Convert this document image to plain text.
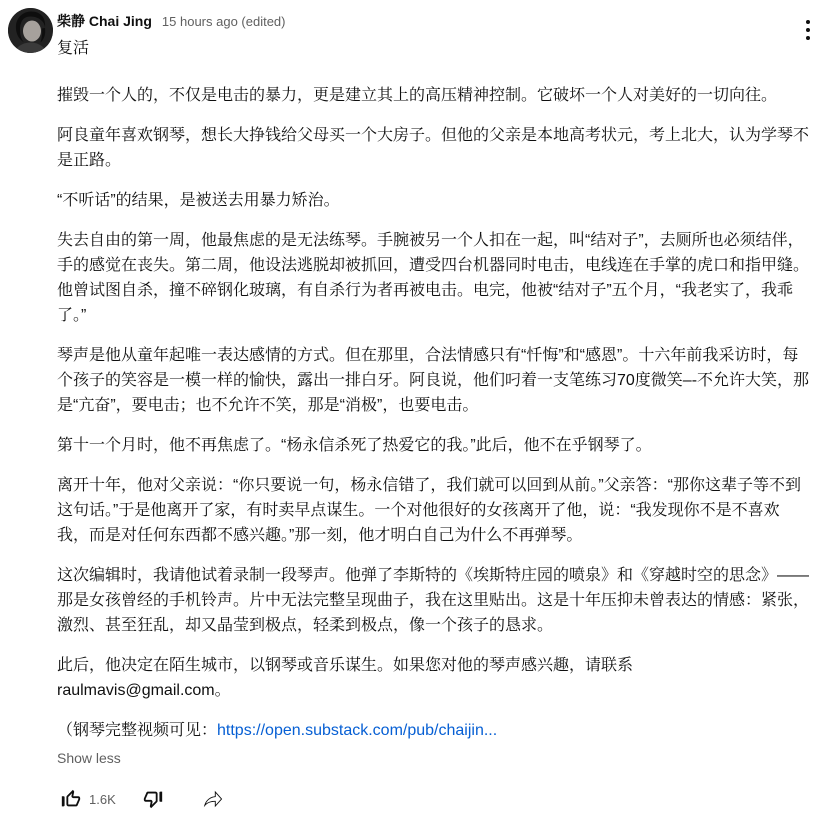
柴静 Chai Jing 15 hours ago (edited)

复活

摧毁一个人的，不仅是电击的暴力，更是建立其上的高压精神控制。它破坏一个人对美好的一切向往。

阿良童年喜欢钢琴，想长大挣钱给父母买一个大房子。但他的父亲是本地高考状元，考上北大，认为学琴不是正路。

“不听话”的结果，是被送去用暴力矫治。

失去自由的第一周，他最焦虑的是无法练琴。手腕被另一个人扣在一起，叫“结对子”，去厕所也必须结伴，手的感觉在丧失。第二周，他设法逃脱却被抓回，遭受四台机器同时电击，电线连在手掌的虎口和指甲缝。他曾试图自杀，撞不碎钢化玻璃，有自杀行为者再被电击。电完，他被“结对子”五个月，“我老实了，我乖了。”

琴声是他从童年起唯一表达感情的方式。但在那里，合法情感只有“忏悔”和“感恩”。十六年前我采访时，每个孩子的笑容是一模一样的愉快，露出一排白牙。阿良说，他们叼着一支笔练习70度微笑–-不允许大笑，那是“亢奋”，要电击；也不允许不笑，那是“消极”，也要电击。

第十一个月时，他不再焦虑了。“杨永信杀死了热爱它的我。”此后，他不在乎钢琴了。

离开十年，他对父亲说：“你只要说一句，杨永信错了，我们就可以回到从前。”父亲答：“那你这辈子等不到这句话。”于是他离开了家，有时卖早点谋生。一个对他很好的女孩离开了他，说：“我发现你不是不喜欢我，而是对任何东西都不感兴趣。”那一刻，他才明白自己为什么不再弹琴。

这次编辑时，我请他试着录制一段琴声。他弹了李斯特的《埃斯特庄园的喷泉》和《穿越时空的思念》——那是女孩曾经的手机铃声。片中无法完整呈现曲子，我在这里贴出。这是十年压抑未曾表达的情感：紧张，激烈、甚至狂乱，却又晶莹到极点，轻柔到极点，像一个孩子的恳求。

此后，他决定在陌生城市，以钢琴或音乐谋生。如果您对他的琴声感兴趣，请联系 raulmavis@gmail.com。

（钢琴完整视频可见：https://open.substack.com/pub/chaijin...

Show less
1.6K
